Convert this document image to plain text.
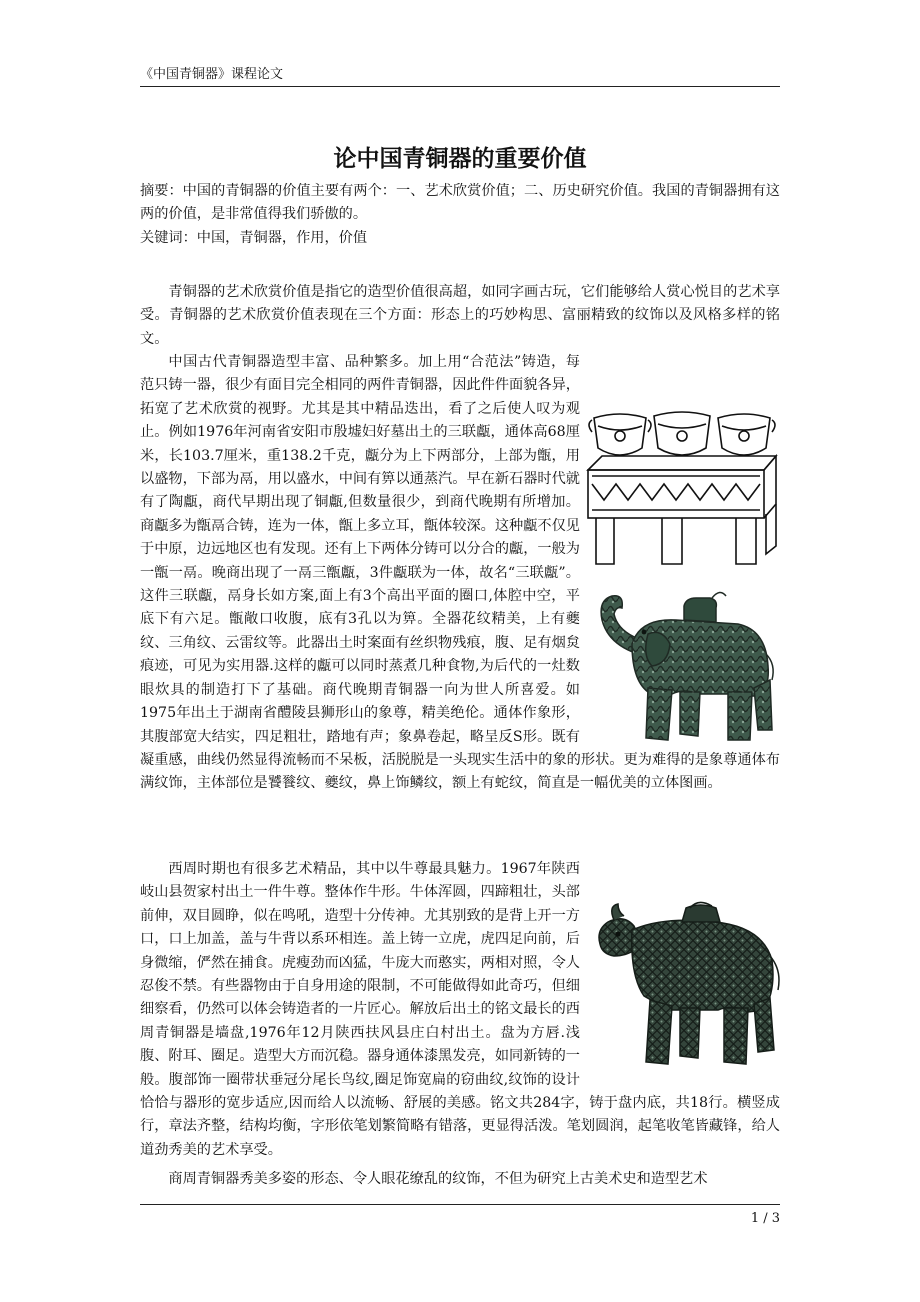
《中国青铜器》课程论文
论中国青铜器的重要价值
摘要：中国的青铜器的价值主要有两个：一、艺术欣赏价值；二、历史研究价值。我国的青铜器拥有这两的价值，是非常值得我们骄傲的。
关键词：中国，青铜器，作用，价值

青铜器的艺术欣赏价值是指它的造型价值很高超，如同字画古玩，它们能够给人赏心悦目的艺术享受。青铜器的艺术欣赏价值表现在三个方面：形态上的巧妙构思、富丽精致的纹饰以及风格多样的铭文。

中国古代青铜器造型丰富、品种繁多。加上用“合范法”铸造，每范只铸一器，很少有面目完全相同的两件青铜器，因此件件面貌各异，拓宽了艺术欣赏的视野。尤其是其中精品迭出，看了之后使人叹为观止。例如1976年河南省安阳市殷墟妇好墓出土的三联甗，通体高68厘米，长103.7厘米，重138.2千克，甗分为上下两部分，上部为甑，用以盛物，下部为鬲，用以盛水，中间有箅以通蒸汽。早在新石器时代就有了陶甗，商代早期出现了铜甗,但数量很少，到商代晚期有所增加。商甗多为甑鬲合铸，连为一体，甑上多立耳，甑体较深。这种甗不仅见于中原，边远地区也有发现。还有上下两体分铸可以分合的甗，一般为一甑一鬲。晚商出现了一鬲三甑甗，3件甗联为一体，故名“三联甗”。这件三联甗，鬲身长如方案,面上有3个高出平面的圈口,体腔中空，平底下有六足。甑敞口收腹，底有3孔以为箅。全器花纹精美，上有夔纹、三角纹、云雷纹等。此器出土时案面有丝织物残痕，腹、足有烟炱痕迹，可见为实用器.这样的甗可以同时蒸煮几种食物,为后代的一灶数眼炊具的制造打下了基础。商代晚期青铜器一向为世人所喜爱。如1975年出土于湖南省醴陵县狮形山的象尊，精美绝伦。通体作象形，其腹部宽大结实，四足粗壮，踏地有声；象鼻卷起，略呈反S形。既有凝重感，曲线仍然显得流畅而不呆板，活脱脱是一头现实生活中的象的形状。更为难得的是象尊通体布满纹饰，主体部位是饕餮纹、夔纹，鼻上饰鳞纹，额上有蛇纹，简直是一幅优美的立体图画。

西周时期也有很多艺术精品，其中以牛尊最具魅力。1967年陕西岐山县贺家村出土一件牛尊。整体作牛形。牛体浑圆，四蹄粗壮，头部前伸，双目圆睁，似在鸣吼，造型十分传神。尤其别致的是背上开一方口，口上加盖，盖与牛背以系环相连。盖上铸一立虎，虎四足向前，后身微缩，俨然在捕食。虎瘦劲而凶猛，牛庞大而憨实，两相对照，令人忍俊不禁。有些器物由于自身用途的限制，不可能做得如此奇巧，但细细察看，仍然可以体会铸造者的一片匠心。解放后出土的铭文最长的西周青铜器是墙盘,1976年12月陕西扶风县庄白村出土。盘为方唇.浅腹、附耳、圈足。造型大方而沉稳。器身通体漆黑发亮，如同新铸的一般。腹部饰一圈带状垂冠分尾长鸟纹,圈足饰宽扁的窃曲纹,纹饰的设计恰恰与器形的宽步适应,因而给人以流畅、舒展的美感。铭文共284字，铸于盘内底，共18行。横竖成行，章法齐整，结构均衡，字形依笔划繁简略有错落，更显得活泼。笔划圆润，起笔收笔皆藏锋，给人道劲秀美的艺术享受。

商周青铜器秀美多姿的形态、令人眼花缭乱的纹饰，不但为研究上古美术史和造型艺术

1 / 3
